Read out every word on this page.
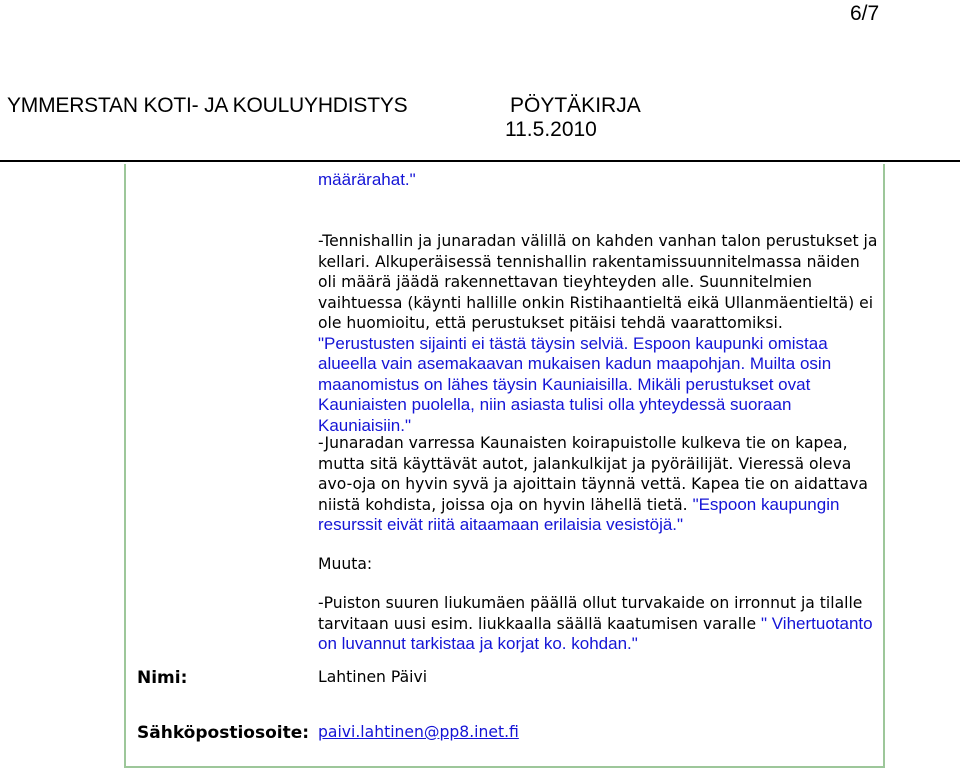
6/7
YMMERSTAN KOTI- JA KOULUYHDISTYS	PÖYTÄKIRJA
11.5.2010

määrärahat."

-Tennishallin ja junaradan välillä on kahden vanhan talon perustukset ja kellari. Alkuperäisessä tennishallin rakentamissuunnitelmassa näiden oli määrä jäädä rakennettavan tieyhteyden alle. Suunnitelmien vaihtuessa (käynti hallille onkin Ristihaantieltä eikä Ullanmäentieltä) ei ole huomioitu, että perustukset pitäisi tehdä vaarattomiksi. "Perustusten sijainti ei tästä täysin selviä. Espoon kaupunki omistaa alueella vain asemakaavan mukaisen kadun maapohjan. Muilta osin maanomistus on lähes täysin Kauniaisilla. Mikäli perustukset ovat Kauniaisten puolella, niin asiasta tulisi olla yhteydessä suoraan Kauniaisiin."

-Junaradan varressa Kaunaisten koirapuistolle kulkeva tie on kapea, mutta sitä käyttävät autot, jalankulkijat ja pyöräilijät. Vieressä oleva avo-oja on hyvin syvä ja ajoittain täynnä vettä. Kapea tie on aidattava niistä kohdista, joissa oja on hyvin lähellä tietä. "Espoon kaupungin resurssit eivät riitä aitaamaan erilaisia vesistöjä."

Muuta:

-Puiston suuren liukumäen päällä ollut turvakaide on irronnut ja tilalle tarvitaan uusi esim. liukkaalla säällä kaatumisen varalle " Vihertuotanto on luvannut tarkistaa ja korjat ko. kohdan."

Nimi:	Lahtinen Päivi
Sähköpostiosoite: paivi.lahtinen@pp8.inet.fi
